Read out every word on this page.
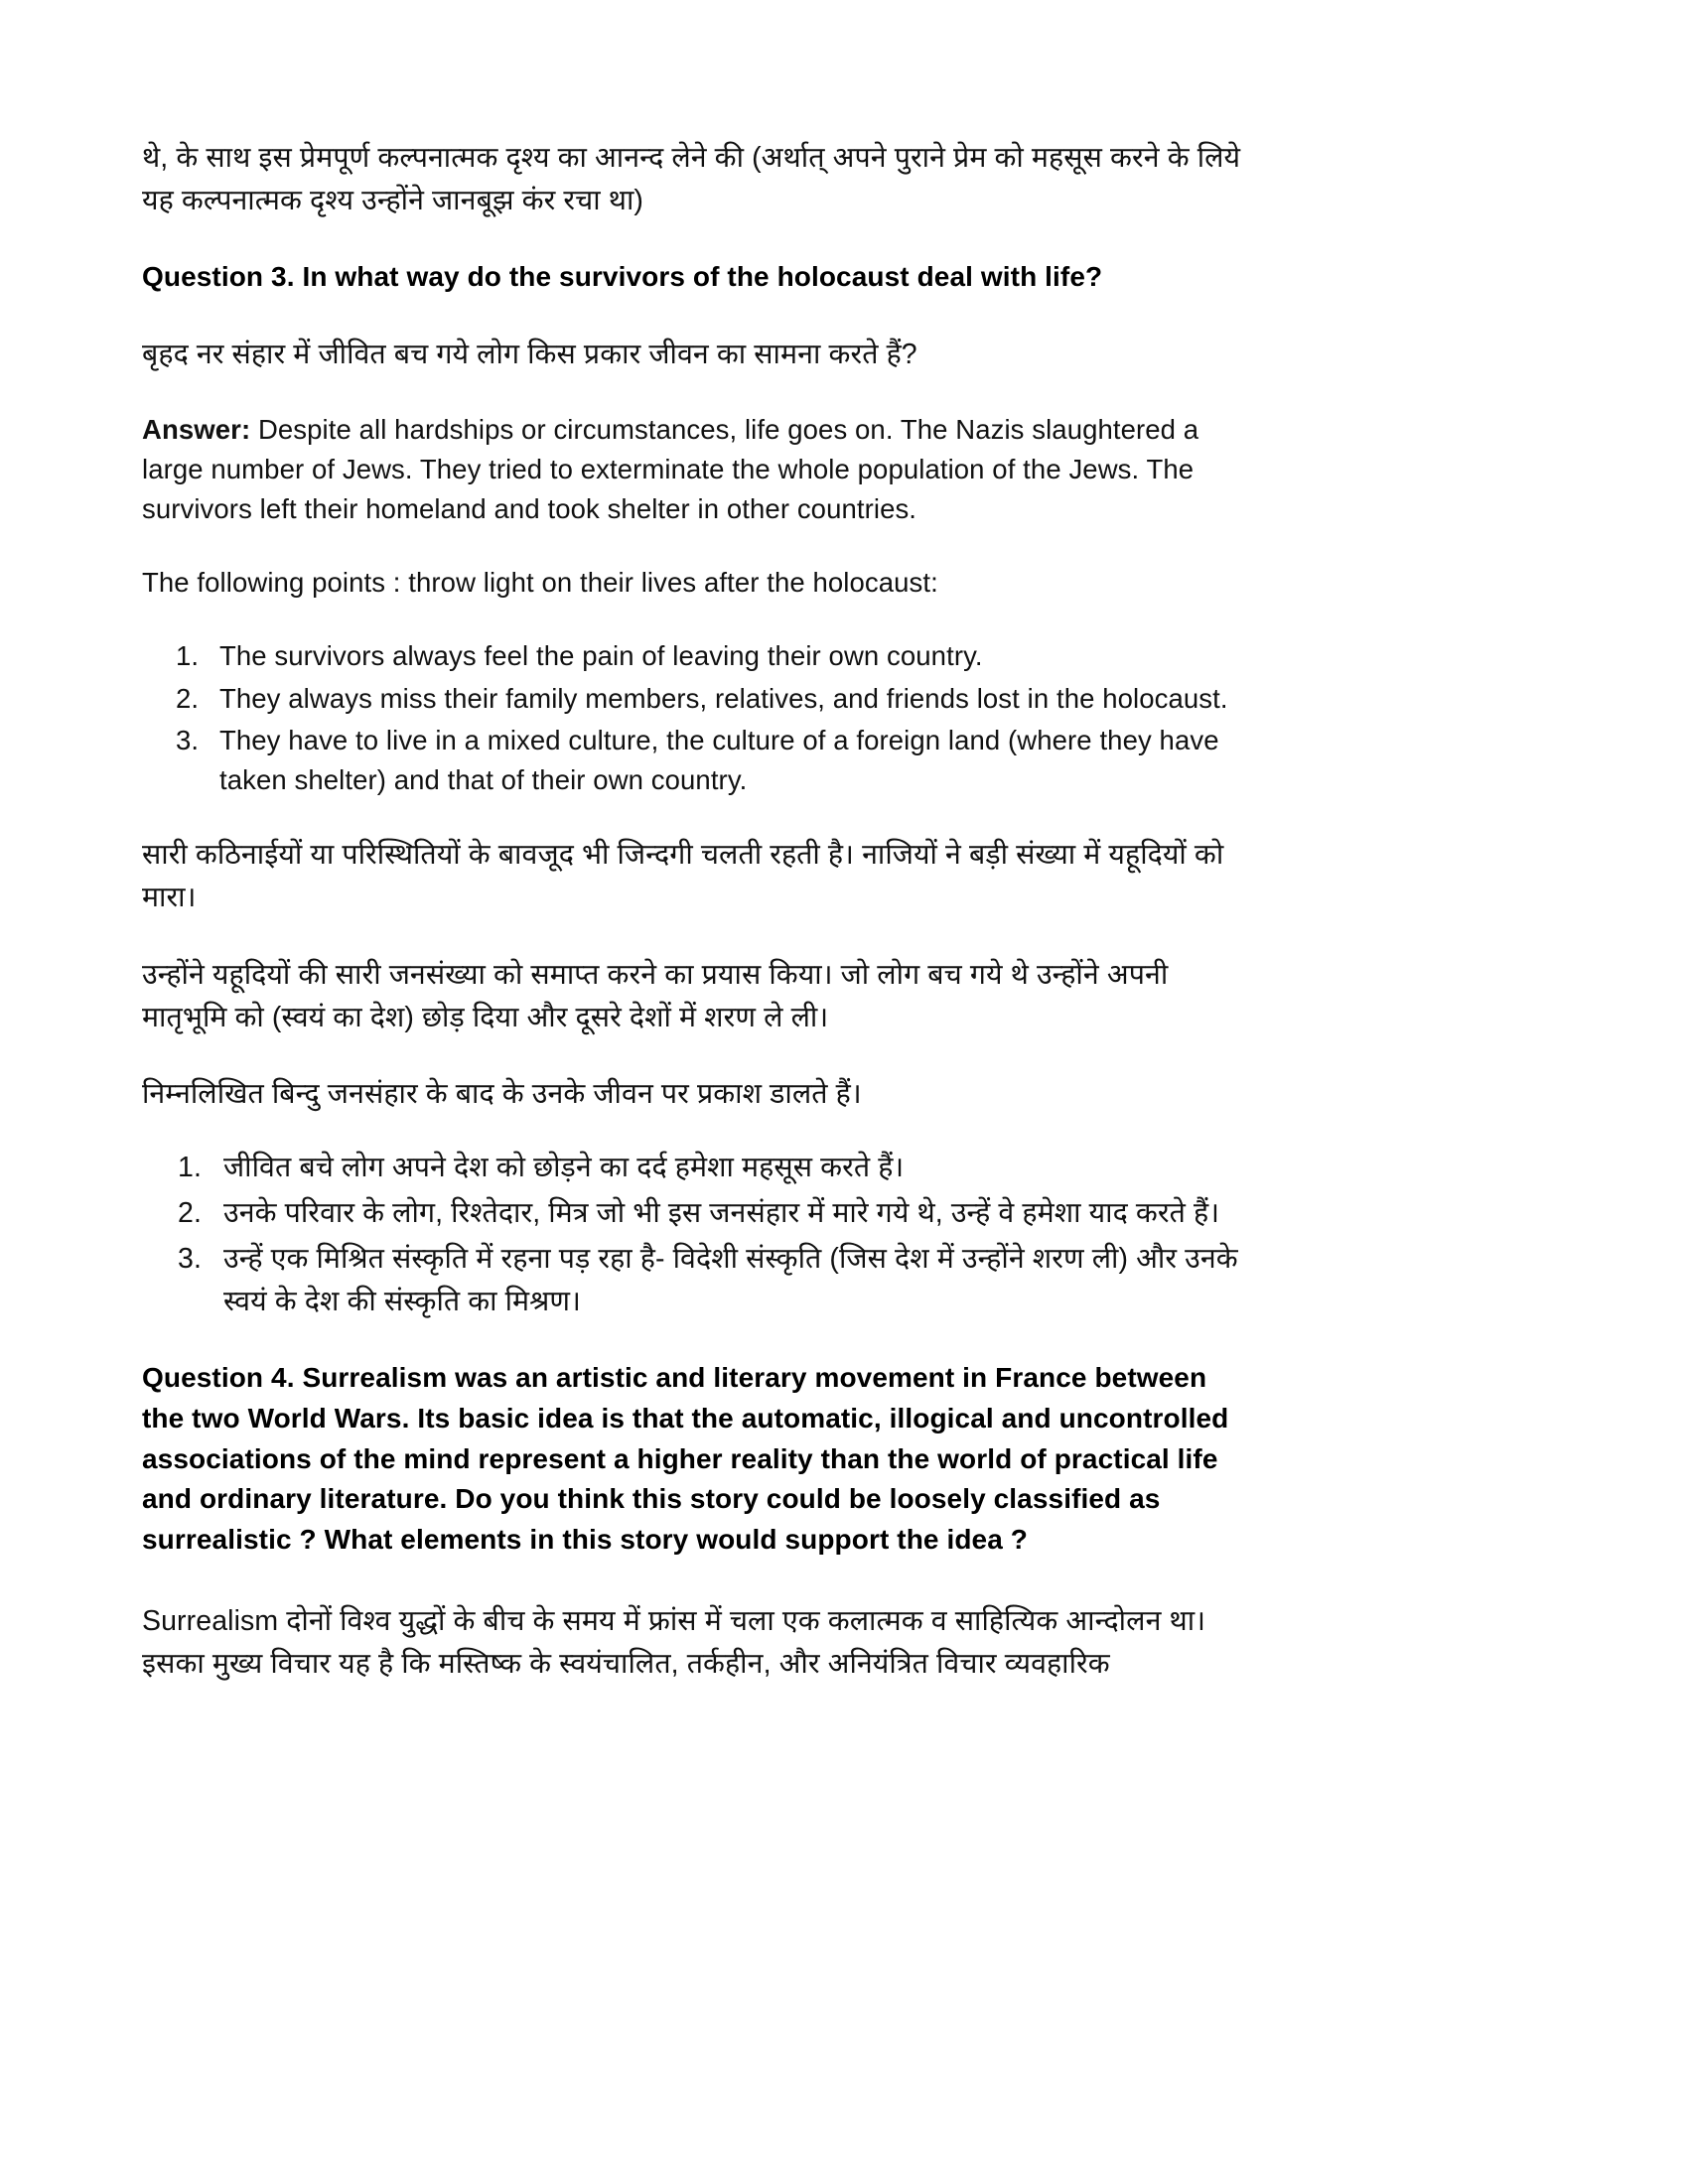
थे, के साथ इस प्रेमपूर्ण कल्पनात्मक दृश्य का आनन्द लेने की (अर्थात् अपने पुराने प्रेम को महसूस करने के लिये यह कल्पनात्मक दृश्य उन्होंने जानबूझ कंर रचा था)

Question 3. In what way do the survivors of the holocaust deal with life?

बृहद नर संहार में जीवित बच गये लोग किस प्रकार जीवन का सामना करते हैं?

Answer: Despite all hardships or circumstances, life goes on. The Nazis slaughtered a large number of Jews. They tried to exterminate the whole population of the Jews. The survivors left their homeland and took shelter in other countries.

The following points : throw light on their lives after the holocaust:

The survivors always feel the pain of leaving their own country.
They always miss their family members, relatives, and friends lost in the holocaust.
They have to live in a mixed culture, the culture of a foreign land (where they have taken shelter) and that of their own country.

सारी कठिनाईयों या परिस्थितियों के बावजूद भी जिन्दगी चलती रहती है। नाजियों ने बड़ी संख्या में यहूदियों को मारा।

उन्होंने यहूदियों की सारी जनसंख्या को समाप्त करने का प्रयास किया। जो लोग बच गये थे उन्होंने अपनी मातृभूमि को (स्वयं का देश) छोड़ दिया और दूसरे देशों में शरण ले ली।

निम्नलिखित बिन्दु जनसंहार के बाद के उनके जीवन पर प्रकाश डालते हैं।

जीवित बचे लोग अपने देश को छोड़ने का दर्द हमेशा महसूस करते हैं।
उनके परिवार के लोग, रिश्तेदार, मित्र जो भी इस जनसंहार में मारे गये थे, उन्हें वे हमेशा याद करते हैं।
उन्हें एक मिश्रित संस्कृति में रहना पड़ रहा है- विदेशी संस्कृति (जिस देश में उन्होंने शरण ली) और उनके स्वयं के देश की संस्कृति का मिश्रण।
Question 4. Surrealism was an artistic and literary movement in France between the two World Wars. Its basic idea is that the automatic, illogical and uncontrolled associations of the mind represent a higher reality than the world of practical life and ordinary literature. Do you think this story could be loosely classified as surrealistic ? What elements in this story would support the idea ?

Surrealism दोनों विश्व युद्धों के बीच के समय में फ्रांस में चला एक कलात्मक व साहित्यिक आन्दोलन था। इसका मुख्य विचार यह है कि मस्तिष्क के स्वयंचालित, तर्कहीन, और अनियंत्रित विचार व्यवहारिक
